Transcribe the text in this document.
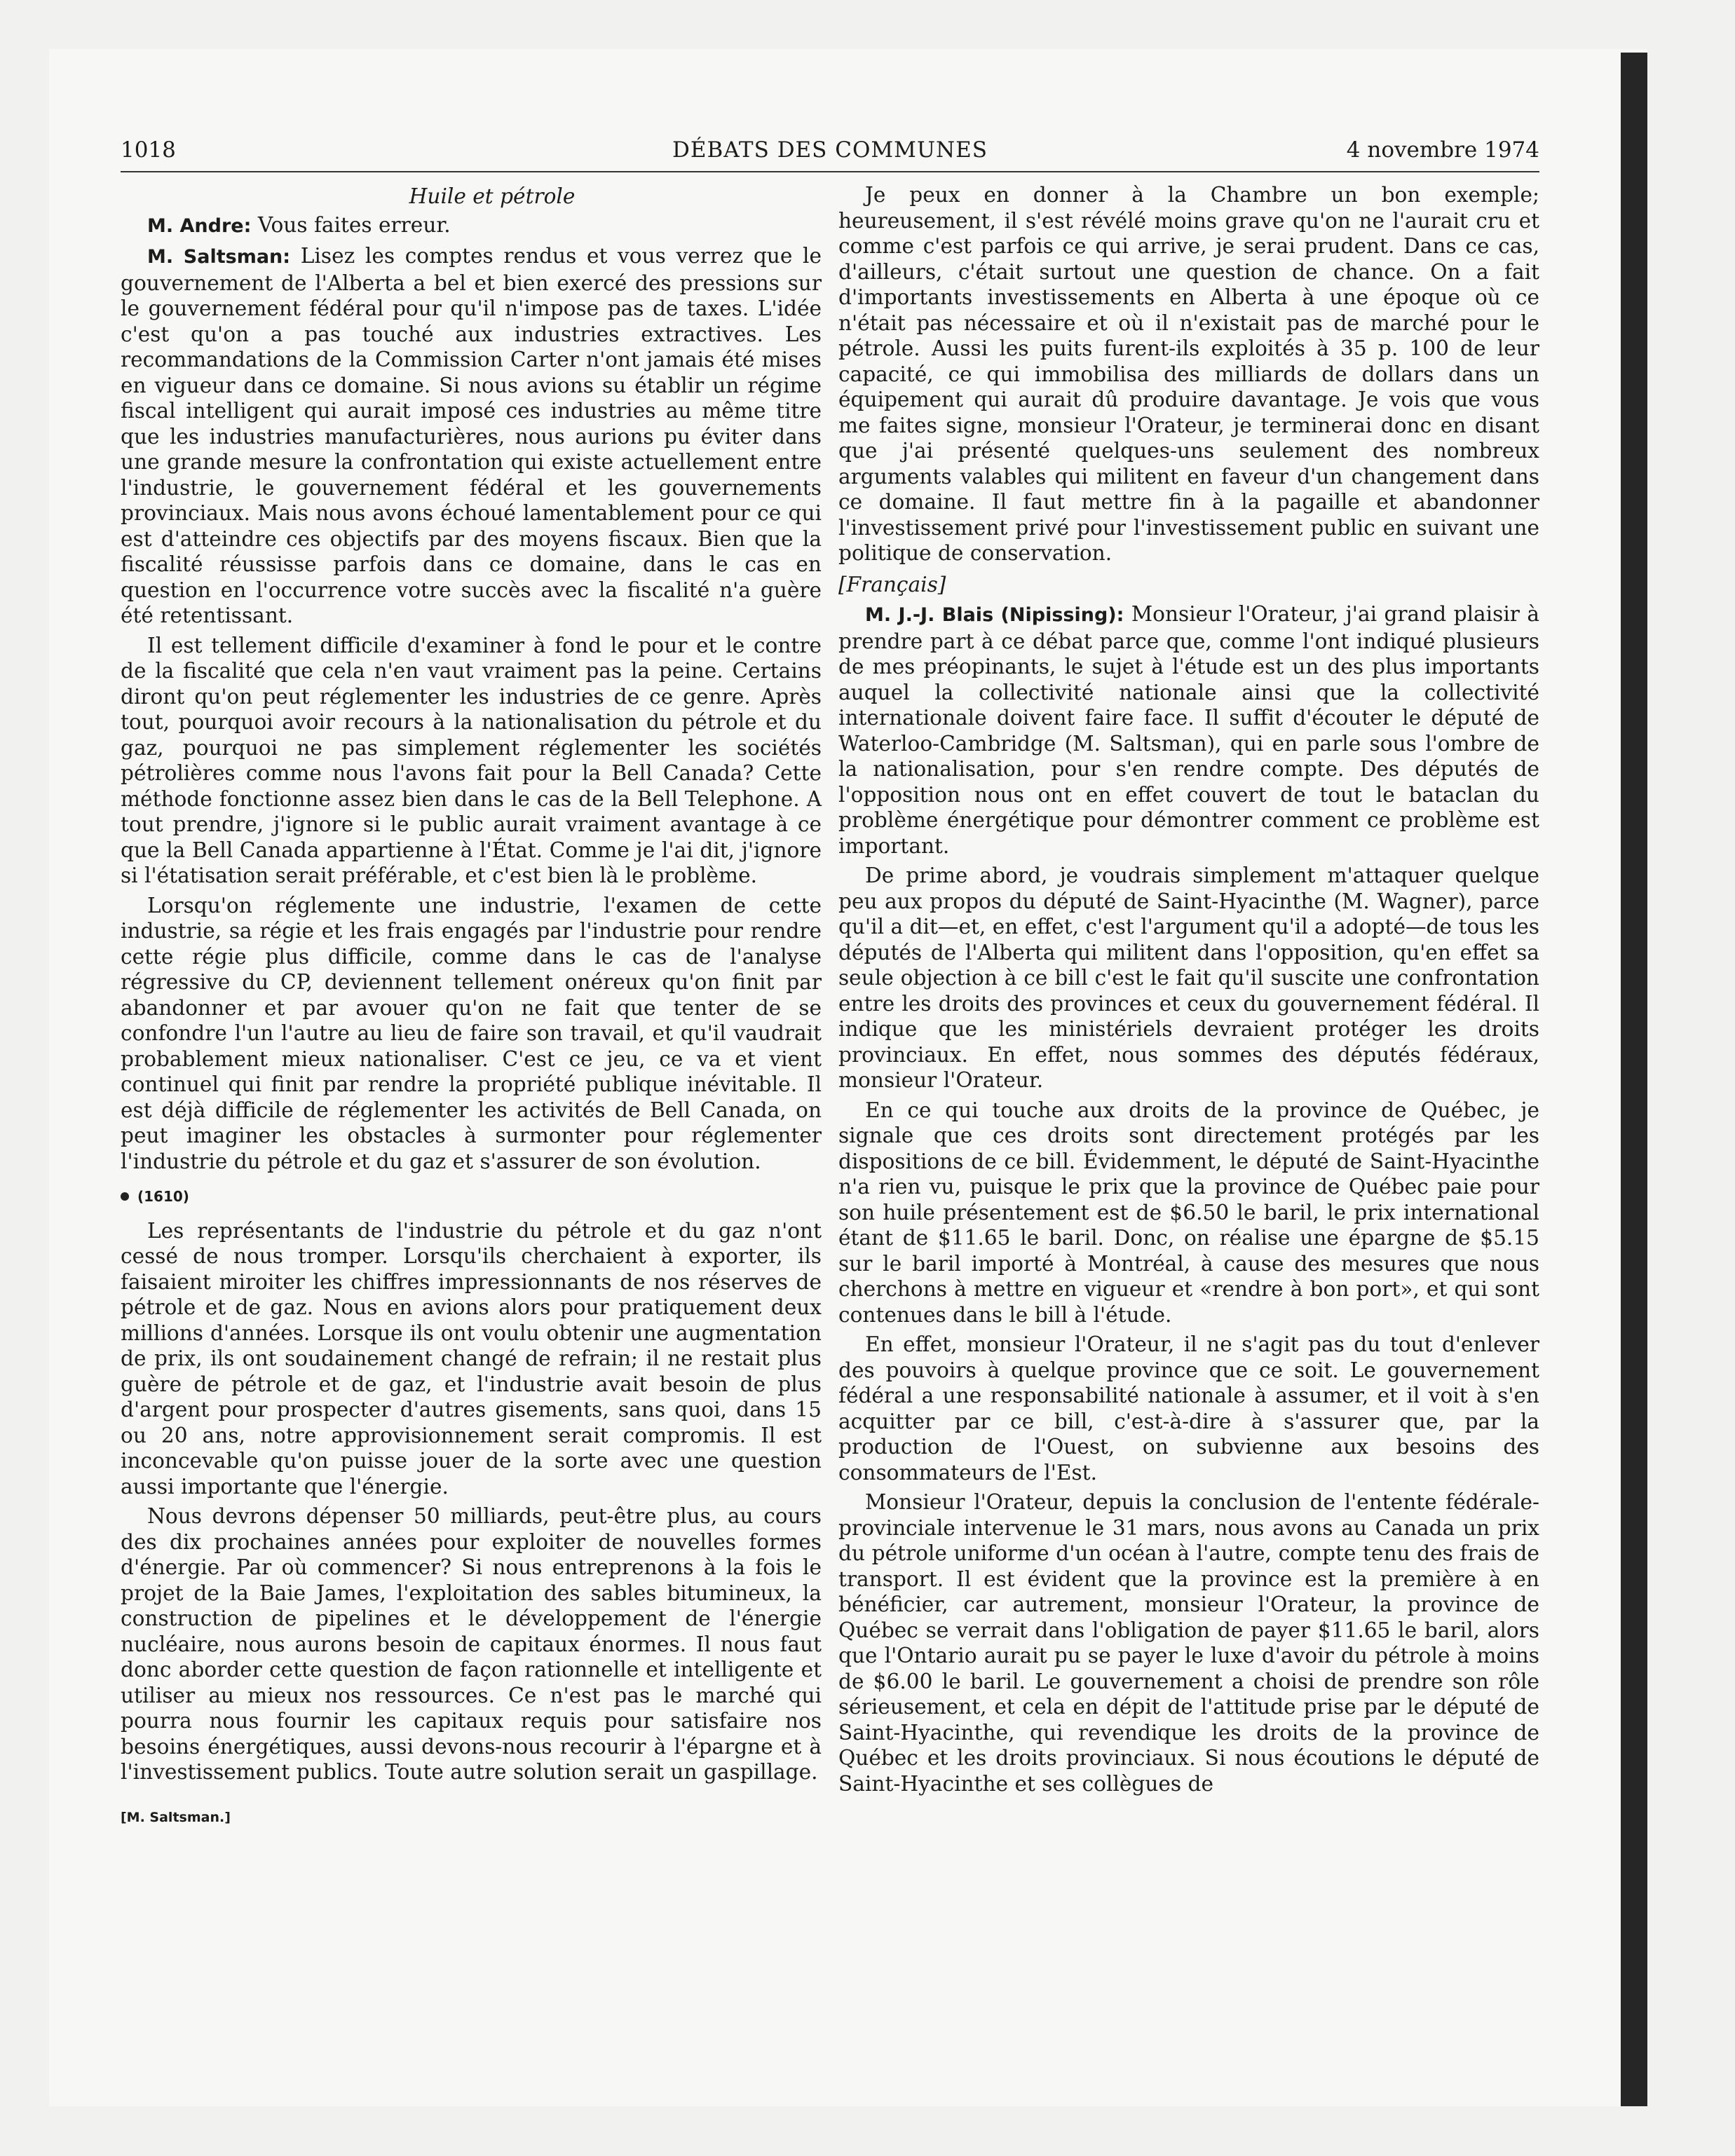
1018	DÉBATS DES COMMUNES	4 novembre 1974
Huile et pétrole

M. Andre: Vous faites erreur.

M. Saltsman: Lisez les comptes rendus et vous verrez que le gouvernement de l'Alberta a bel et bien exercé des pressions sur le gouvernement fédéral pour qu'il n'impose pas de taxes. L'idée c'est qu'on a pas touché aux industries extractives. Les recommandations de la Commission Carter n'ont jamais été mises en vigueur dans ce domaine. Si nous avions su établir un régime fiscal intelligent qui aurait imposé ces industries au même titre que les industries manufacturières, nous aurions pu éviter dans une grande mesure la confrontation qui existe actuellement entre l'industrie, le gouvernement fédéral et les gouvernements provinciaux. Mais nous avons échoué lamentablement pour ce qui est d'atteindre ces objectifs par des moyens fiscaux. Bien que la fiscalité réussisse parfois dans ce domaine, dans le cas en question en l'occurrence votre succès avec la fiscalité n'a guère été retentissant.

Il est tellement difficile d'examiner à fond le pour et le contre de la fiscalité que cela n'en vaut vraiment pas la peine. Certains diront qu'on peut réglementer les industries de ce genre. Après tout, pourquoi avoir recours à la nationalisation du pétrole et du gaz, pourquoi ne pas simplement réglementer les sociétés pétrolières comme nous l'avons fait pour la Bell Canada? Cette méthode fonctionne assez bien dans le cas de la Bell Telephone. A tout prendre, j'ignore si le public aurait vraiment avantage à ce que la Bell Canada appartienne à l'État. Comme je l'ai dit, j'ignore si l'étatisation serait préférable, et c'est bien là le problème.

Lorsqu'on réglemente une industrie, l'examen de cette industrie, sa régie et les frais engagés par l'industrie pour rendre cette régie plus difficile, comme dans le cas de l'analyse régressive du CP, deviennent tellement onéreux qu'on finit par abandonner et par avouer qu'on ne fait que tenter de se confondre l'un l'autre au lieu de faire son travail, et qu'il vaudrait probablement mieux nationaliser. C'est ce jeu, ce va et vient continuel qui finit par rendre la propriété publique inévitable. Il est déjà difficile de réglementer les activités de Bell Canada, on peut imaginer les obstacles à surmonter pour réglementer l'industrie du pétrole et du gaz et s'assurer de son évolution.

(1610)

Les représentants de l'industrie du pétrole et du gaz n'ont cessé de nous tromper. Lorsqu'ils cherchaient à exporter, ils faisaient miroiter les chiffres impressionnants de nos réserves de pétrole et de gaz. Nous en avions alors pour pratiquement deux millions d'années. Lorsque ils ont voulu obtenir une augmentation de prix, ils ont soudainement changé de refrain; il ne restait plus guère de pétrole et de gaz, et l'industrie avait besoin de plus d'argent pour prospecter d'autres gisements, sans quoi, dans 15 ou 20 ans, notre approvisionnement serait compromis. Il est inconcevable qu'on puisse jouer de la sorte avec une question aussi importante que l'énergie.

Nous devrons dépenser 50 milliards, peut-être plus, au cours des dix prochaines années pour exploiter de nouvelles formes d'énergie. Par où commencer? Si nous entreprenons à la fois le projet de la Baie James, l'exploitation des sables bitumineux, la construction de pipelines et le développement de l'énergie nucléaire, nous aurons besoin de capitaux énormes. Il nous faut donc aborder cette question de façon rationnelle et intelligente et utiliser au mieux nos ressources. Ce n'est pas le marché qui pourra nous fournir les capitaux requis pour satisfaire nos besoins énergétiques, aussi devons-nous recourir à l'épargne et à l'investissement publics. Toute autre solution serait un gaspillage.

[M. Saltsman.]

Je peux en donner à la Chambre un bon exemple; heureusement, il s'est révélé moins grave qu'on ne l'aurait cru et comme c'est parfois ce qui arrive, je serai prudent. Dans ce cas, d'ailleurs, c'était surtout une question de chance. On a fait d'importants investissements en Alberta à une époque où ce n'était pas nécessaire et où il n'existait pas de marché pour le pétrole. Aussi les puits furent-ils exploités à 35 p. 100 de leur capacité, ce qui immobilisa des milliards de dollars dans un équipement qui aurait dû produire davantage. Je vois que vous me faites signe, monsieur l'Orateur, je terminerai donc en disant que j'ai présenté quelques-uns seulement des nombreux arguments valables qui militent en faveur d'un changement dans ce domaine. Il faut mettre fin à la pagaille et abandonner l'investissement privé pour l'investissement public en suivant une politique de conservation.

[Français]

M. J.-J. Blais (Nipissing): Monsieur l'Orateur, j'ai grand plaisir à prendre part à ce débat parce que, comme l'ont indiqué plusieurs de mes préopinants, le sujet à l'étude est un des plus importants auquel la collectivité nationale ainsi que la collectivité internationale doivent faire face. Il suffit d'écouter le député de Waterloo-Cambridge (M. Saltsman), qui en parle sous l'ombre de la nationalisation, pour s'en rendre compte. Des députés de l'opposition nous ont en effet couvert de tout le bataclan du problème énergétique pour démontrer comment ce problème est important.

De prime abord, je voudrais simplement m'attaquer quelque peu aux propos du député de Saint-Hyacinthe (M. Wagner), parce qu'il a dit—et, en effet, c'est l'argument qu'il a adopté—de tous les députés de l'Alberta qui militent dans l'opposition, qu'en effet sa seule objection à ce bill c'est le fait qu'il suscite une confrontation entre les droits des provinces et ceux du gouvernement fédéral. Il indique que les ministériels devraient protéger les droits provinciaux. En effet, nous sommes des députés fédéraux, monsieur l'Orateur.

En ce qui touche aux droits de la province de Québec, je signale que ces droits sont directement protégés par les dispositions de ce bill. Évidemment, le député de Saint-Hyacinthe n'a rien vu, puisque le prix que la province de Québec paie pour son huile présentement est de $6.50 le baril, le prix international étant de $11.65 le baril. Donc, on réalise une épargne de $5.15 sur le baril importé à Montréal, à cause des mesures que nous cherchons à mettre en vigueur et «rendre à bon port», et qui sont contenues dans le bill à l'étude.

En effet, monsieur l'Orateur, il ne s'agit pas du tout d'enlever des pouvoirs à quelque province que ce soit. Le gouvernement fédéral a une responsabilité nationale à assumer, et il voit à s'en acquitter par ce bill, c'est-à-dire à s'assurer que, par la production de l'Ouest, on subvienne aux besoins des consommateurs de l'Est.

Monsieur l'Orateur, depuis la conclusion de l'entente fédérale-provinciale intervenue le 31 mars, nous avons au Canada un prix du pétrole uniforme d'un océan à l'autre, compte tenu des frais de transport. Il est évident que la province est la première à en bénéficier, car autrement, monsieur l'Orateur, la province de Québec se verrait dans l'obligation de payer $11.65 le baril, alors que l'Ontario aurait pu se payer le luxe d'avoir du pétrole à moins de $6.00 le baril. Le gouvernement a choisi de prendre son rôle sérieusement, et cela en dépit de l'attitude prise par le député de Saint-Hyacinthe, qui revendique les droits de la province de Québec et les droits provinciaux. Si nous écoutions le député de Saint-Hyacinthe et ses collègues de
